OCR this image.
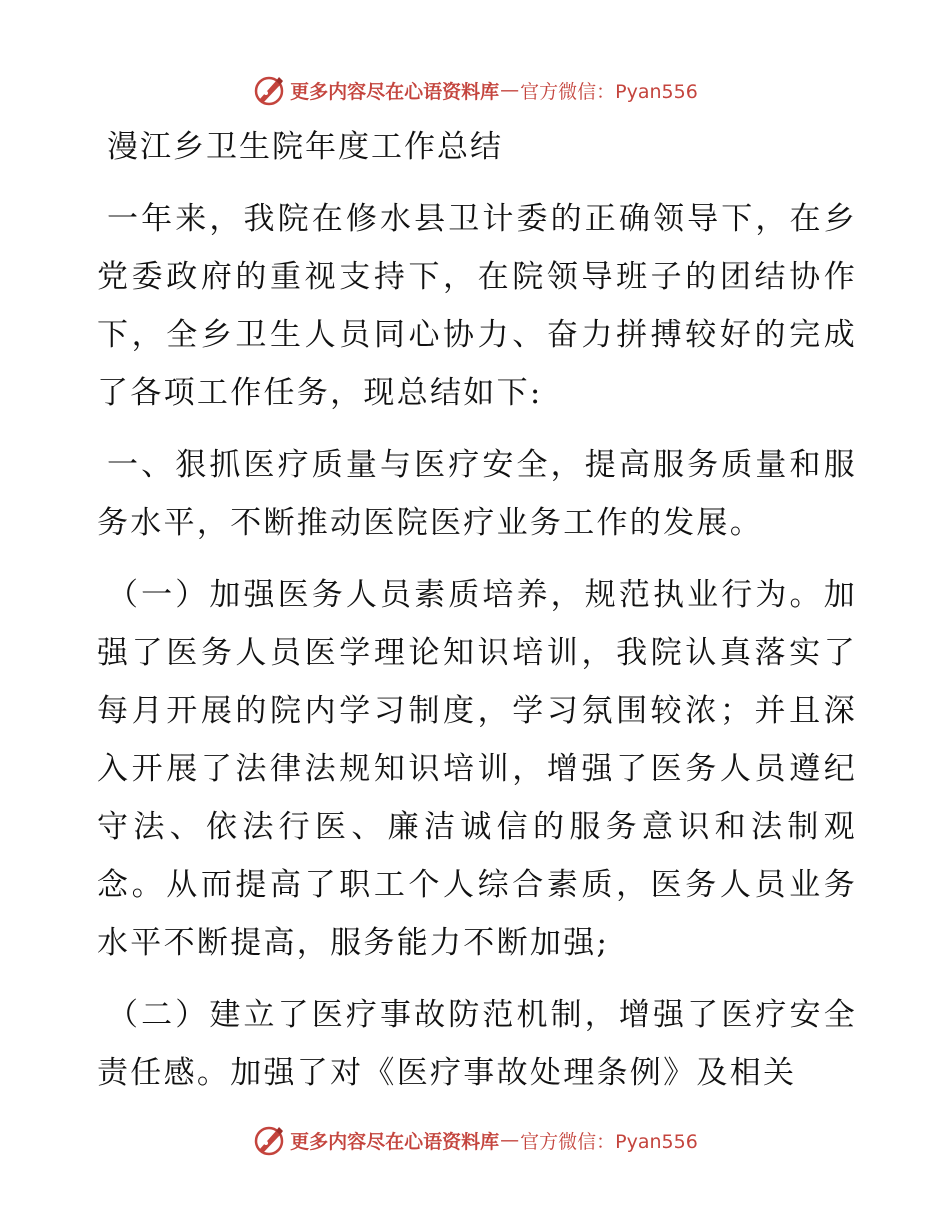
更多内容尽在心语资料库 — 官方微信：Pyan556
漫江乡卫生院年度工作总结

一年来，我院在修水县卫计委的正确领导下，在乡党委政府的重视支持下，在院领导班子的团结协作下，全乡卫生人员同心协力、奋力拼搏较好的完成了各项工作任务，现总结如下:

一、狠抓医疗质量与医疗安全，提高服务质量和服务水平，不断推动医院医疗业务工作的发展。

（一）加强医务人员素质培养，规范执业行为。加强了医务人员医学理论知识培训，我院认真落实了每月开展的院内学习制度，学习氛围较浓；并且深入开展了法律法规知识培训，增强了医务人员遵纪守法、依法行医、廉洁诚信的服务意识和法制观念。从而提高了职工个人综合素质，医务人员业务水平不断提高，服务能力不断加强;

（二）建立了医疗事故防范机制，增强了医疗安全责任感。加强了对《医疗事故处理条例》及相关

更多内容尽在心语资料库 — 官方微信：Pyan556
